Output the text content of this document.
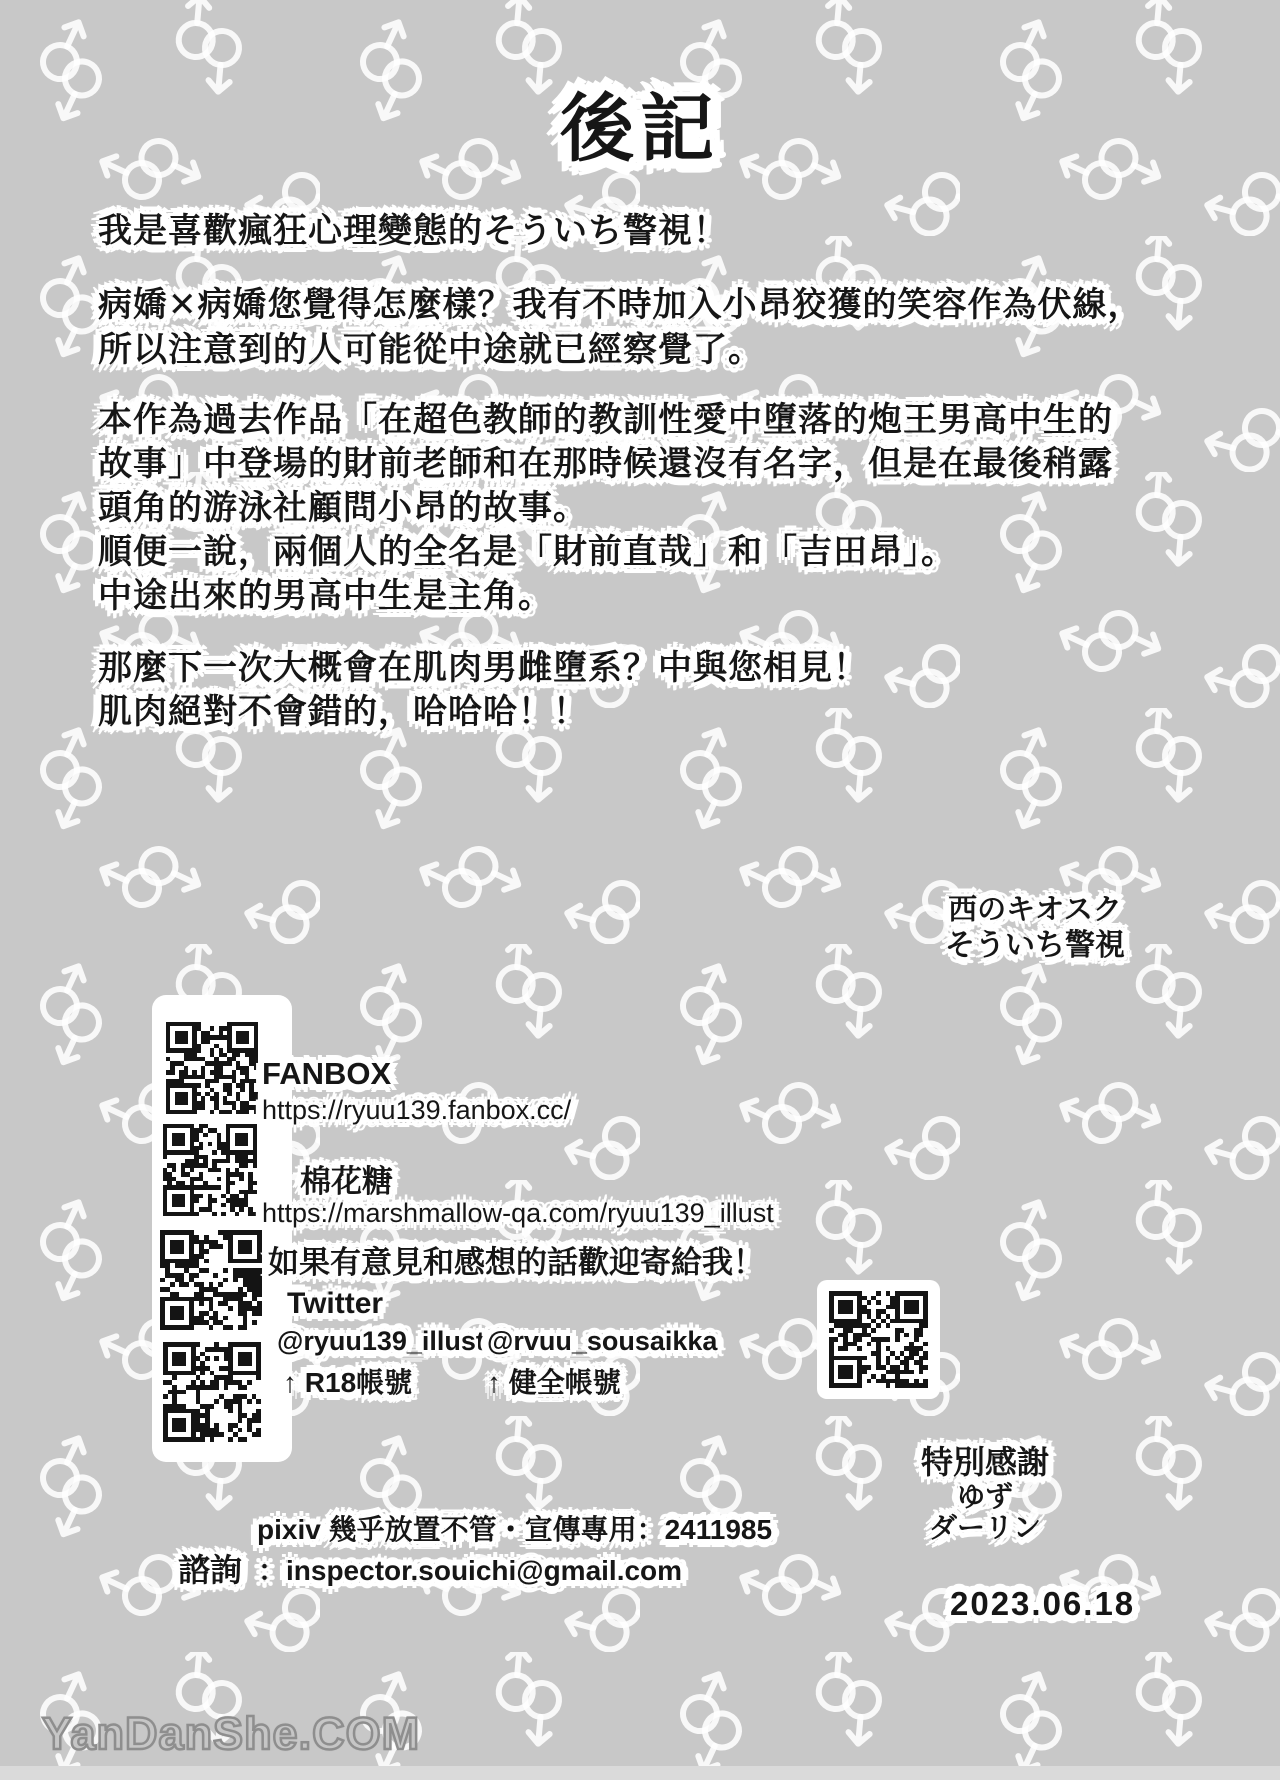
後記
我是喜歡瘋狂心理變態的そういち警視！
病嬌✕病嬌您覺得怎麼樣？我有不時加入小昂狡獲的笑容作為伏線，
所以注意到的人可能從中途就已經察覺了。
本作為過去作品「在超色教師的教訓性愛中墮落的炮王男高中生的
故事」中登場的財前老師和在那時候還沒有名字，但是在最後稍露
頭角的游泳社顧問小昂的故事。
順便一說，兩個人的全名是「財前直哉」和「吉田昂」。
中途出來的男高中生是主角。
那麼下一次大概會在肌肉男雌墮系？中與您相見！
肌肉絕對不會錯的，哈哈哈！！
西のキオスク
そういち警視
FANBOX
https://ryuu139.fanbox.cc/
棉花糖
https://marshmallow-qa.com/ryuu139_illust
如果有意見和感想的話歡迎寄給我！
Twitter
@ryuu139_illust @rvuu_sousaikka
↑ R18帳號	↑ 健全帳號
pixiv 幾乎放置不管・宣傳專用：2411985
諮詢 ：inspector.souichi@gmail.com
特別感謝
ゆず
ダーリン
2023.06.18
YanDanShe.COM
